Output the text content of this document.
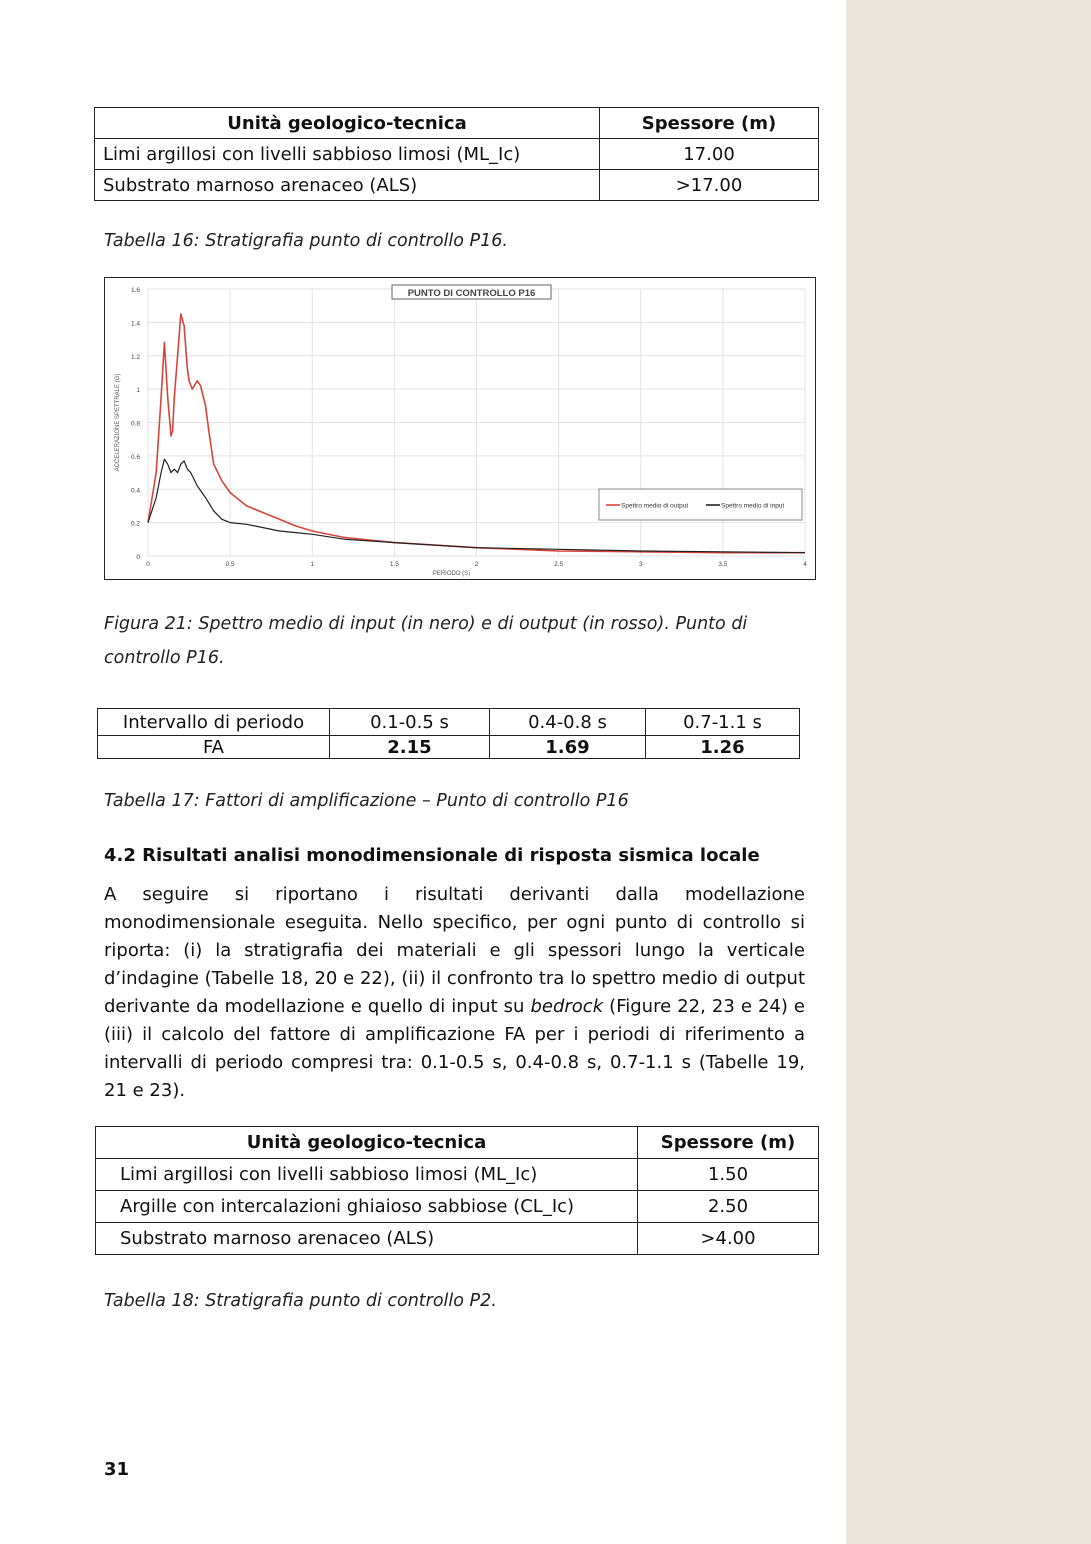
Unità geologico-tecnica	Spessore (m)
Limi argillosi con livelli sabbioso limosi (ML_Ic)	17.00
Substrato marnoso arenaceo (ALS)	>17.00
Tabella 16: Stratigrafia punto di controllo P16.
0
0.2
0.4
0.6
0.8
1
1.2
1.4
1.6
0	0.5	1	1.5	2	2.5	3	3.5	4
PERIODO (S)
ACCELERAZIONE SPETTRALE (G)
PUNTO DI CONTROLLO P16
Spettro medio di output	Spettro medio di input
Figura 21: Spettro medio di input (in nero) e di output (in rosso). Punto di
controllo P16.
Intervallo di periodo	0.1-0.5 s	0.4-0.8 s	0.7-1.1 s
FA	2.15	1.69	1.26
Tabella 17: Fattori di amplificazione – Punto di controllo P16
4.2 Risultati analisi monodimensionale di risposta sismica locale
A seguire si riportano i risultati derivanti dalla modellazione monodimensionale eseguita. Nello specifico, per ogni punto di controllo si riporta: (i) la stratigrafia dei materiali e gli spessori lungo la verticale d’indagine (Tabelle 18, 20 e 22), (ii) il confronto tra lo spettro medio di output derivante da modellazione e quello di input su bedrock (Figure 22, 23 e 24) e (iii) il calcolo del fattore di amplificazione FA per i periodi di riferimento a intervalli di periodo compresi tra: 0.1-0.5 s, 0.4-0.8 s, 0.7-1.1 s (Tabelle 19, 21 e 23).
Unità geologico-tecnica	Spessore (m)
Limi argillosi con livelli sabbioso limosi (ML_Ic)	1.50
Argille con intercalazioni ghiaioso sabbiose (CL_Ic)	2.50
Substrato marnoso arenaceo (ALS)	>4.00
Tabella 18: Stratigrafia punto di controllo P2.
31
